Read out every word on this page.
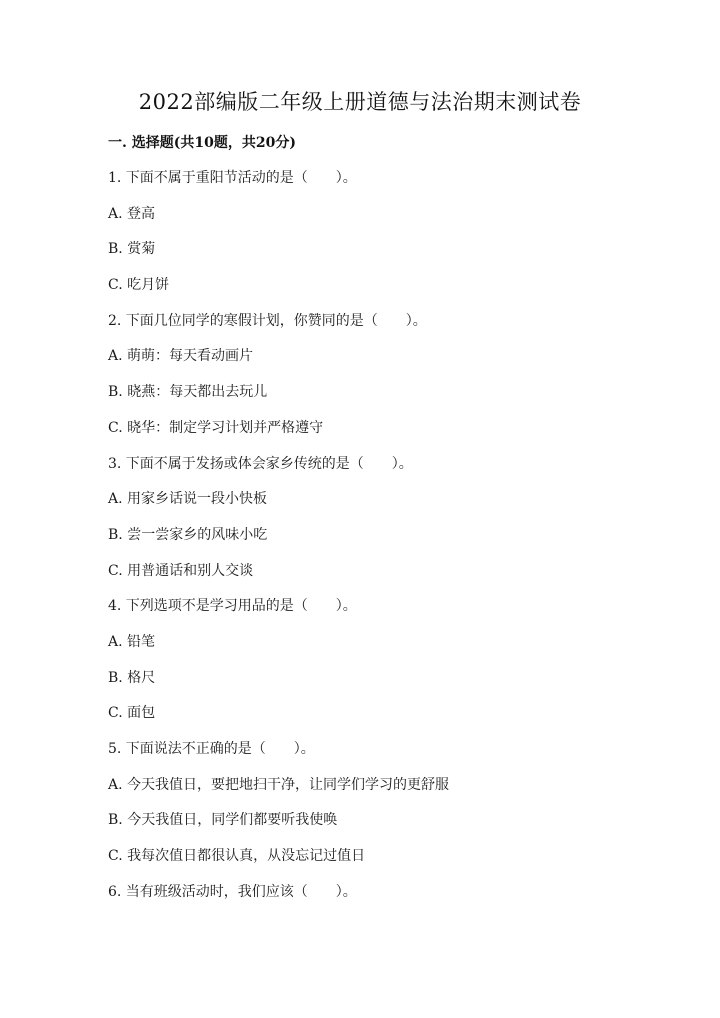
2022部编版二年级上册道德与法治期末测试卷
一. 选择题(共10题，共20分)
1. 下面不属于重阳节活动的是（　　）。
A. 登高
B. 赏菊
C. 吃月饼
2. 下面几位同学的寒假计划，你赞同的是（　　）。
A. 萌萌：每天看动画片
B. 晓燕：每天都出去玩儿
C. 晓华：制定学习计划并严格遵守
3. 下面不属于发扬或体会家乡传统的是（　　）。
A. 用家乡话说一段小快板
B. 尝一尝家乡的风味小吃
C. 用普通话和别人交谈
4. 下列选项不是学习用品的是（　　）。
A. 铅笔
B. 格尺
C. 面包
5. 下面说法不正确的是（　　）。
A. 今天我值日，要把地扫干净，让同学们学习的更舒服
B. 今天我值日，同学们都要听我使唤
C. 我每次值日都很认真，从没忘记过值日
6. 当有班级活动时，我们应该（　　）。
